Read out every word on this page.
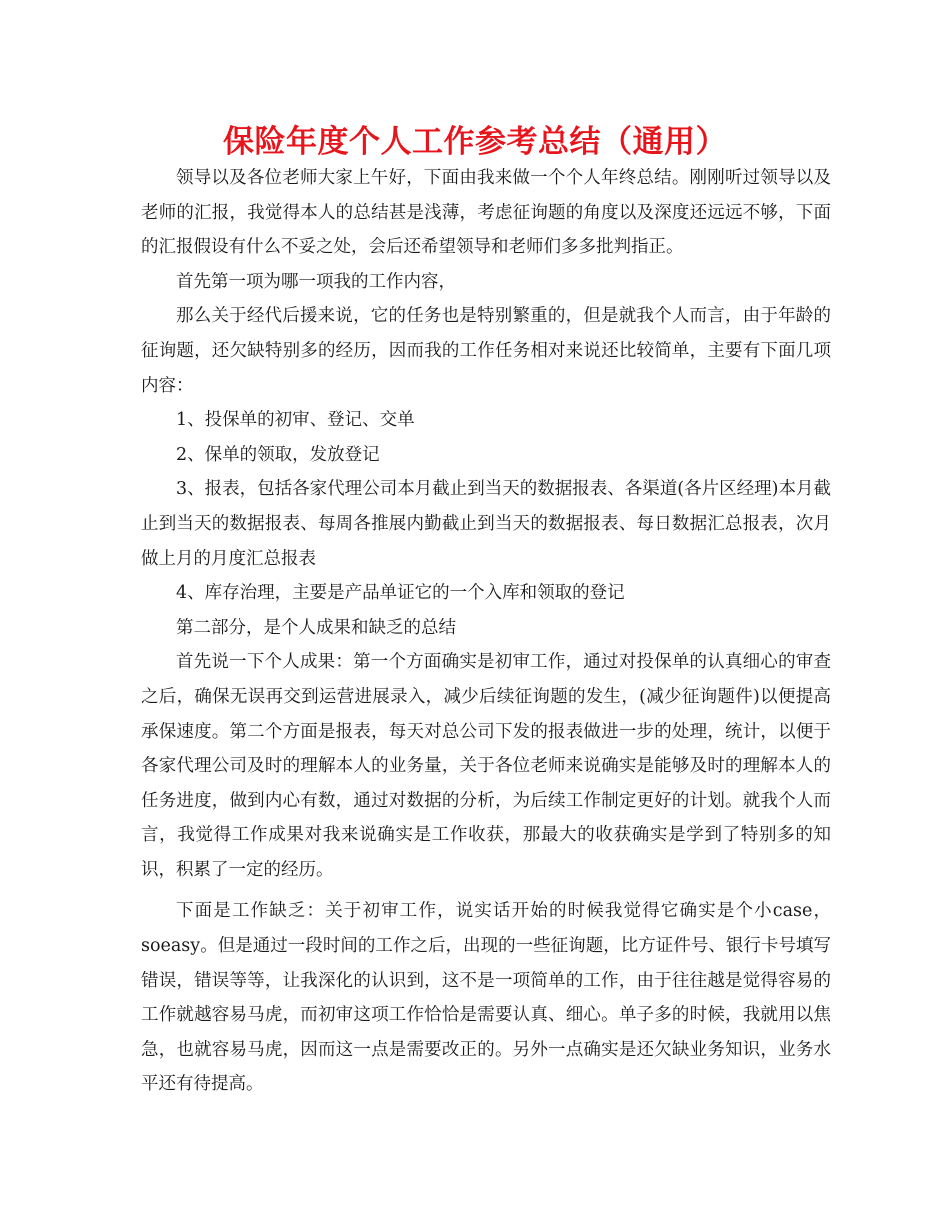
保险年度个人工作参考总结（通用）

领导以及各位老师大家上午好，下面由我来做一个个人年终总结。刚刚听过领导以及老师的汇报，我觉得本人的总结甚是浅薄，考虑征询题的角度以及深度还远远不够，下面的汇报假设有什么不妥之处，会后还希望领导和老师们多多批判指正。

首先第一项为哪一项我的工作内容，

那么关于经代后援来说，它的任务也是特别繁重的，但是就我个人而言，由于年龄的征询题，还欠缺特别多的经历，因而我的工作任务相对来说还比较简单，主要有下面几项内容：

1、投保单的初审、登记、交单

2、保单的领取，发放登记

3、报表，包括各家代理公司本月截止到当天的数据报表、各渠道(各片区经理)本月截止到当天的数据报表、每周各推展内勤截止到当天的数据报表、每日数据汇总报表，次月做上月的月度汇总报表

4、库存治理，主要是产品单证它的一个入库和领取的登记

第二部分，是个人成果和缺乏的总结

首先说一下个人成果：第一个方面确实是初审工作，通过对投保单的认真细心的审查之后，确保无误再交到运营进展录入，减少后续征询题的发生，(减少征询题件)以便提高承保速度。第二个方面是报表，每天对总公司下发的报表做进一步的处理，统计，以便于各家代理公司及时的理解本人的业务量，关于各位老师来说确实是能够及时的理解本人的任务进度，做到内心有数，通过对数据的分析，为后续工作制定更好的计划。就我个人而言，我觉得工作成果对我来说确实是工作收获，那最大的收获确实是学到了特别多的知识，积累了一定的经历。

下面是工作缺乏：关于初审工作，说实话开始的时候我觉得它确实是个小case，soeasy。但是通过一段时间的工作之后，出现的一些征询题，比方证件号、银行卡号填写错误，错误等等，让我深化的认识到，这不是一项简单的工作，由于往往越是觉得容易的工作就越容易马虎，而初审这项工作恰恰是需要认真、细心。单子多的时候，我就用以焦急，也就容易马虎，因而这一点是需要改正的。另外一点确实是还欠缺业务知识，业务水平还有待提高。
